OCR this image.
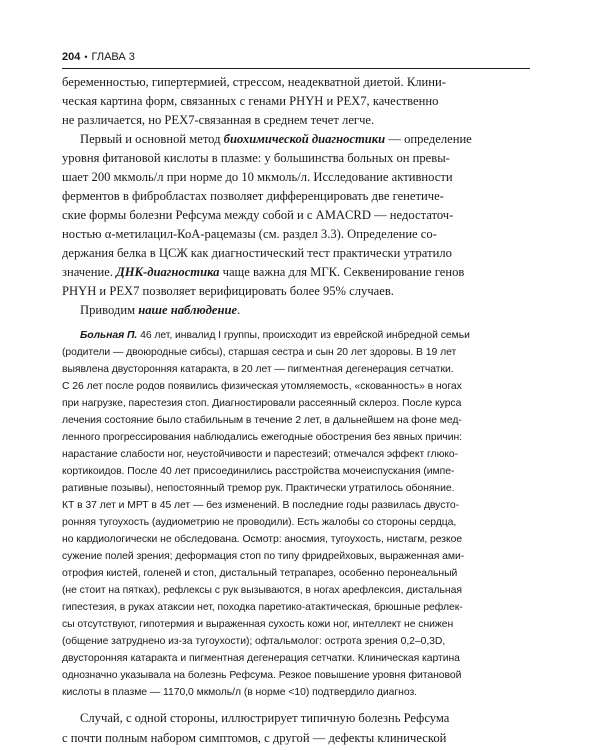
204 • ГЛАВА 3
беременностью, гипертермией, стрессом, неадекватной диетой. Клини-
ческая картина форм, связанных с генами PHYH и PEX7, качественно
не различается, но PEX7-связанная в среднем течет легче.
Первый и основной метод биохимической диагностики — определение
уровня фитановой кислоты в плазме: у большинства больных он превы-
шает 200 мкмоль/л при норме до 10 мкмоль/л. Исследование активности
ферментов в фибробластах позволяет дифференцировать две генетиче-
ские формы болезни Рефсума между собой и с AMACRD — недостаточ-
ностью α-метилацил-КоА-рацемазы (см. раздел 3.3). Определение со-
держания белка в ЦСЖ как диагностический тест практически утратило
значение. ДНК-диагностика чаще важна для МГК. Секвенирование генов
PHYH и PEX7 позволяет верифицировать более 95% случаев.
Приводим наше наблюдение.
Больная П. 46 лет, инвалид I группы, происходит из еврейской инбредной семьи
(родители — двоюродные сибсы), старшая сестра и сын 20 лет здоровы. В 19 лет
выявлена двусторонняя катаракта, в 20 лет — пигментная дегенерация сетчатки.
С 26 лет после родов появились физическая утомляемость, «скованность» в ногах
при нагрузке, парестезия стоп. Диагностировали рассеянный склероз. После курса
лечения состояние было стабильным в течение 2 лет, в дальнейшем на фоне мед-
ленного прогрессирования наблюдались ежегодные обострения без явных причин:
нарастание слабости ног, неустойчивости и парестезий; отмечался эффект глюко-
кортикоидов. После 40 лет присоединились расстройства мочеиспускания (импе-
ративные позывы), непостоянный тремор рук. Практически утратилось обоняние.
КТ в 37 лет и МРТ в 45 лет — без изменений. В последние годы развилась двусто-
ронняя тугоухость (аудиометрию не проводили). Есть жалобы со стороны сердца,
но кардиологически не обследована. Осмотр: аносмия, тугоухость, нистагм, резкое
сужение полей зрения; деформация стоп по типу фридрейховых, выраженная ами-
отрофия кистей, голеней и стоп, дистальный тетрапарез, особенно перонеальный
(не стоит на пятках), рефлексы с рук вызываются, в ногах арефлексия, дистальная
гипестезия, в руках атаксии нет, походка паретико-атактическая, брюшные рефлек-
сы отсутствуют, гипотермия и выраженная сухость кожи ног, интеллект не снижен
(общение затруднено из-за тугоухости); офтальмолог: острота зрения 0,2–0,3D,
двусторонняя катаракта и пигментная дегенерация сетчатки. Клиническая картина
однозначно указывала на болезнь Рефсума. Резкое повышение уровня фитановой
кислоты в плазме — 1170,0 мкмоль/л (в норме <10) подтвердило диагноз.
Случай, с одной стороны, иллюстрирует типичную болезнь Рефсума
с почти полным набором симптомов, с другой — дефекты клинической
